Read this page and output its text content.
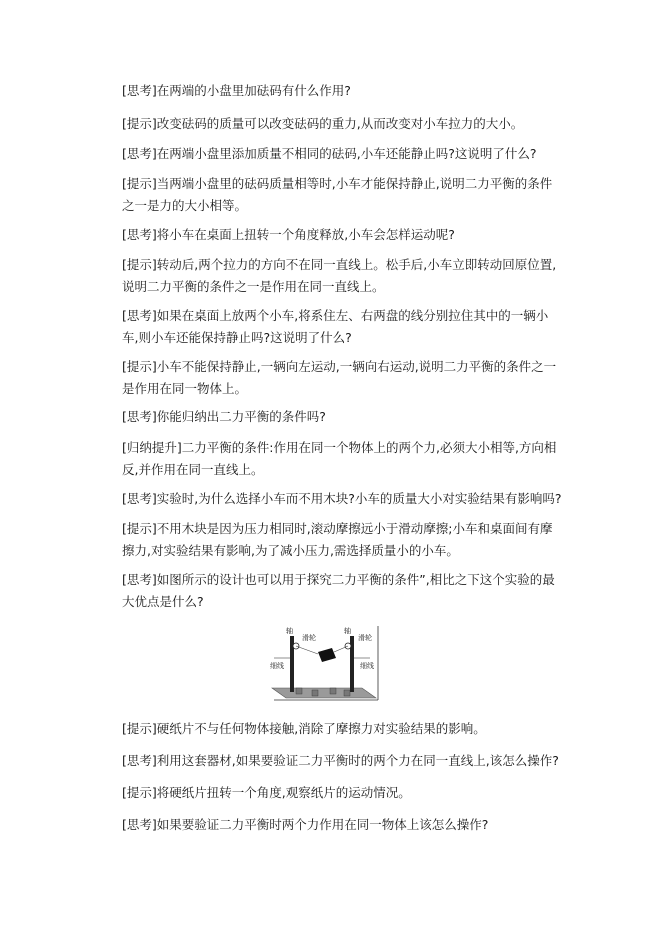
[思考]在两端的小盘里加砝码有什么作用?
[提示]改变砝码的质量可以改变砝码的重力,从而改变对小车拉力的大小。
[思考]在两端小盘里添加质量不相同的砝码,小车还能静止吗?这说明了什么?
[提示]当两端小盘里的砝码质量相等时,小车才能保持静止,说明二力平衡的条件之一是力的大小相等。
[思考]将小车在桌面上扭转一个角度释放,小车会怎样运动呢?
[提示]转动后,两个拉力的方向不在同一直线上。松手后,小车立即转动回原位置,说明二力平衡的条件之一是作用在同一直线上。
[思考]如果在桌面上放两个小车,将系住左、右两盘的线分别拉住其中的一辆小车,则小车还能保持静止吗?这说明了什么?
[提示]小车不能保持静止,一辆向左运动,一辆向右运动,说明二力平衡的条件之一是作用在同一物体上。
[思考]你能归纳出二力平衡的条件吗?
[归纳提升]二力平衡的条件:作用在同一个物体上的两个力,必须大小相等,方向相反,并作用在同一直线上。
[思考]实验时,为什么选择小车而不用木块?小车的质量大小对实验结果有影响吗?
[提示]不用木块是因为压力相同时,滚动摩擦远小于滑动摩擦;小车和桌面间有摩擦力,对实验结果有影响,为了减小压力,需选择质量小的小车。
[思考]如图所示的设计也可以用于探究二力平衡的条件”,相比之下这个实验的最大优点是什么?
轴
滑轮
轴
滑轮
细线	细线
[提示]硬纸片不与任何物体接触,消除了摩擦力对实验结果的影响。
[思考]利用这套器材,如果要验证二力平衡时的两个力在同一直线上,该怎么操作?
[提示]将硬纸片扭转一个角度,观察纸片的运动情况。
[思考]如果要验证二力平衡时两个力作用在同一物体上该怎么操作?
